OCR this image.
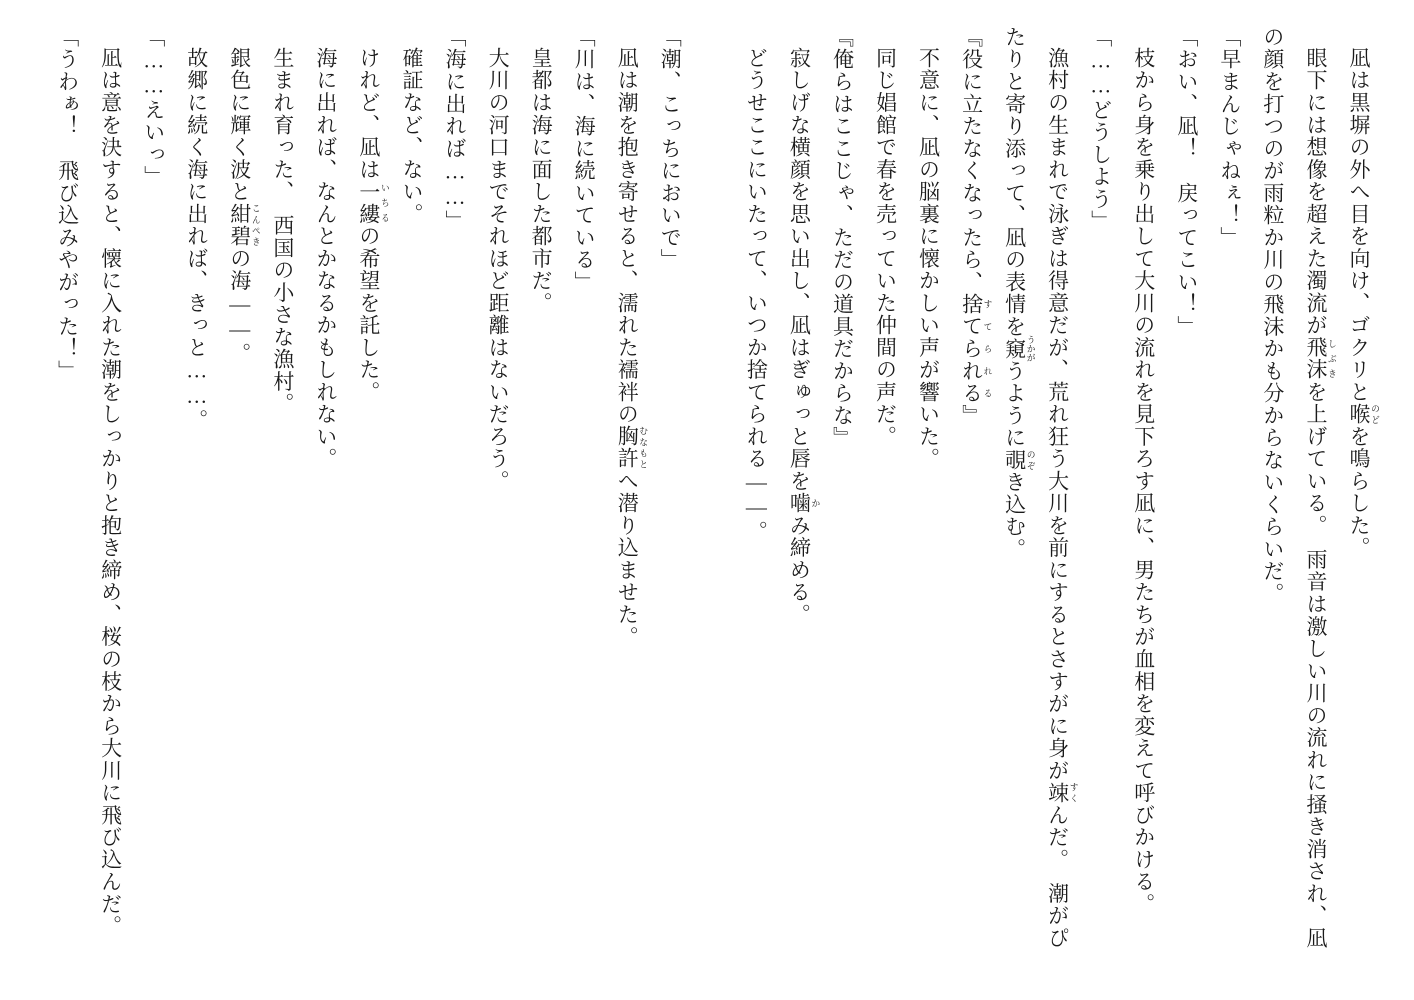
凪は黒塀の外へ目を向け、ゴクリと喉 のどを鳴らした。

眼下には想像を超えた濁流が飛沫 しぶきを上げている。　雨音は激しい川の流れに掻き消され、凪の顔を打つのが雨粒か川の飛沫かも分からないくらいだ。

「早まんじゃねぇ！」

「おい、凪！　戻ってこい！」

枝から身を乗り出して大川の流れを見下ろす凪に、男たちが血相を変えて呼びかける。

「……どうしよう」

漁村の生まれで泳ぎは得意だが、荒れ狂う大川を前にするとさすがに身が竦 すくんだ。　潮がぴたりと寄り添って、凪の表情を窺 うかがうように覗 のぞき込む。

『役に立たなくなったら、捨てられる すてられる』

不意に、凪の脳裏に懐かしい声が響いた。

同じ娼館で春を売っていた仲間の声だ。

『俺らはここじゃ、ただの道具だからな』

寂しげな横顔を思い出し、凪はぎゅっと唇を噛 かみ締める。

どうせここにいたって、いつか捨てられる――。

「潮、こっちにおいで」

凪は潮を抱き寄せると、濡れた襦袢の胸許 むなもとへ潜り込ませた。

「川は、海に続いている」

皇都は海に面した都市だ。

大川の河口までそれほど距離はないだろう。

「海に出れば……」

確証など、ない。

けれど、凪は一縷 いちるの希望を託した。

海に出れば、なんとかなるかもしれない。

生まれ育った、　西国の小さな漁村。

銀色に輝く波と紺碧 こんぺきの海――。

故郷に続く海に出れば、きっと……。

「……えいっ」

凪は意を決すると、懐に入れた潮をしっかりと抱き締め、桜の枝から大川に飛び込んだ。

「うわぁ！　飛び込みやがった！」
